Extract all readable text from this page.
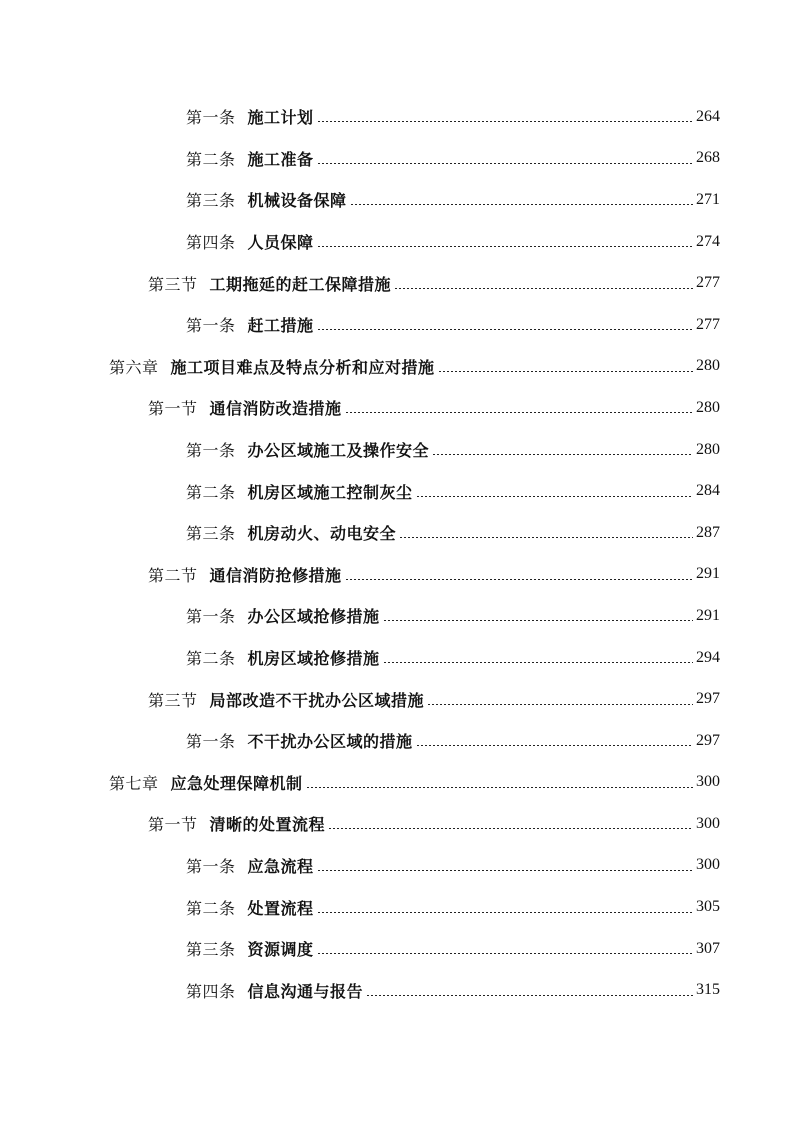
第一条 施工计划	264
第二条 施工准备	268
第三条 机械设备保障	271
第四条 人员保障	274
第三节 工期拖延的赶工保障措施	277
第一条 赶工措施	277
第六章 施工项目难点及特点分析和应对措施	280
第一节 通信消防改造措施	280
第一条 办公区域施工及操作安全	280
第二条 机房区域施工控制灰尘	284
第三条 机房动火、动电安全	287
第二节 通信消防抢修措施	291
第一条 办公区域抢修措施	291
第二条 机房区域抢修措施	294
第三节 局部改造不干扰办公区域措施	297
第一条 不干扰办公区域的措施	297
第七章 应急处理保障机制	300
第一节 清晰的处置流程	300
第一条 应急流程	300
第二条 处置流程	305
第三条 资源调度	307
第四条 信息沟通与报告	315
